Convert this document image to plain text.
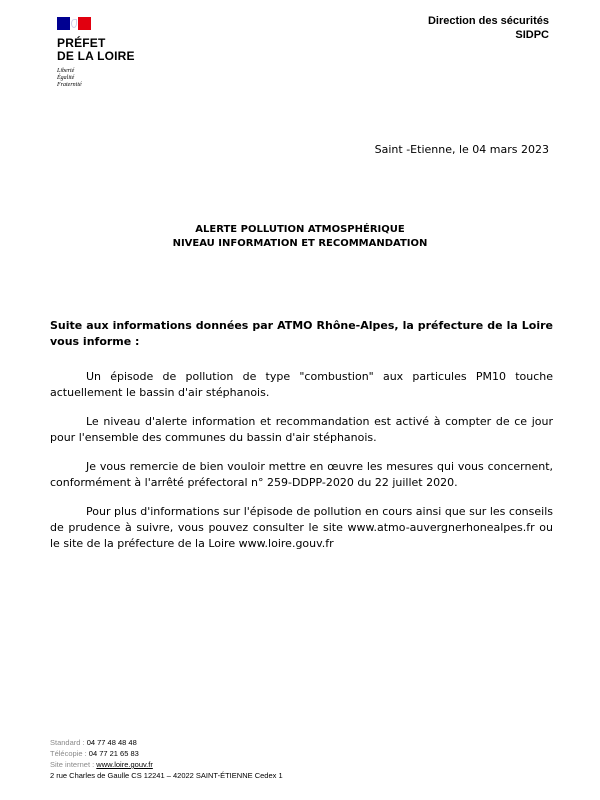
PRÉFET
DE LA LOIRE
Liberté
Égalité
Fraternité
Direction des sécurités
SIDPC
Saint -Etienne, le 04 mars 2023
ALERTE POLLUTION ATMOSPHÉRIQUE
NIVEAU INFORMATION ET RECOMMANDATION

Suite aux informations données par ATMO Rhône-Alpes, la préfecture de la Loire vous informe :

Un épisode de pollution de type "combustion" aux particules PM10 touche actuellement le bassin d'air stéphanois.

Le niveau d'alerte information et recommandation est activé à compter de ce jour pour l'ensemble des communes du bassin d'air stéphanois.

Je vous remercie de bien vouloir mettre en œuvre les mesures qui vous concernent, conformément à l'arrêté préfectoral n° 259-DDPP-2020 du 22 juillet 2020.

Pour plus d'informations sur l'épisode de pollution en cours ainsi que sur les conseils de prudence à suivre, vous pouvez consulter le site www.atmo-auvergnerhonealpes.fr ou le site de la préfecture de la Loire www.loire.gouv.fr

Standard : 04 77 48 48 48
Télécopie : 04 77 21 65 83
Site internet : www.loire.gouv.fr
2 rue Charles de Gaulle CS 12241 – 42022 SAINT-ÉTIENNE Cedex 1
